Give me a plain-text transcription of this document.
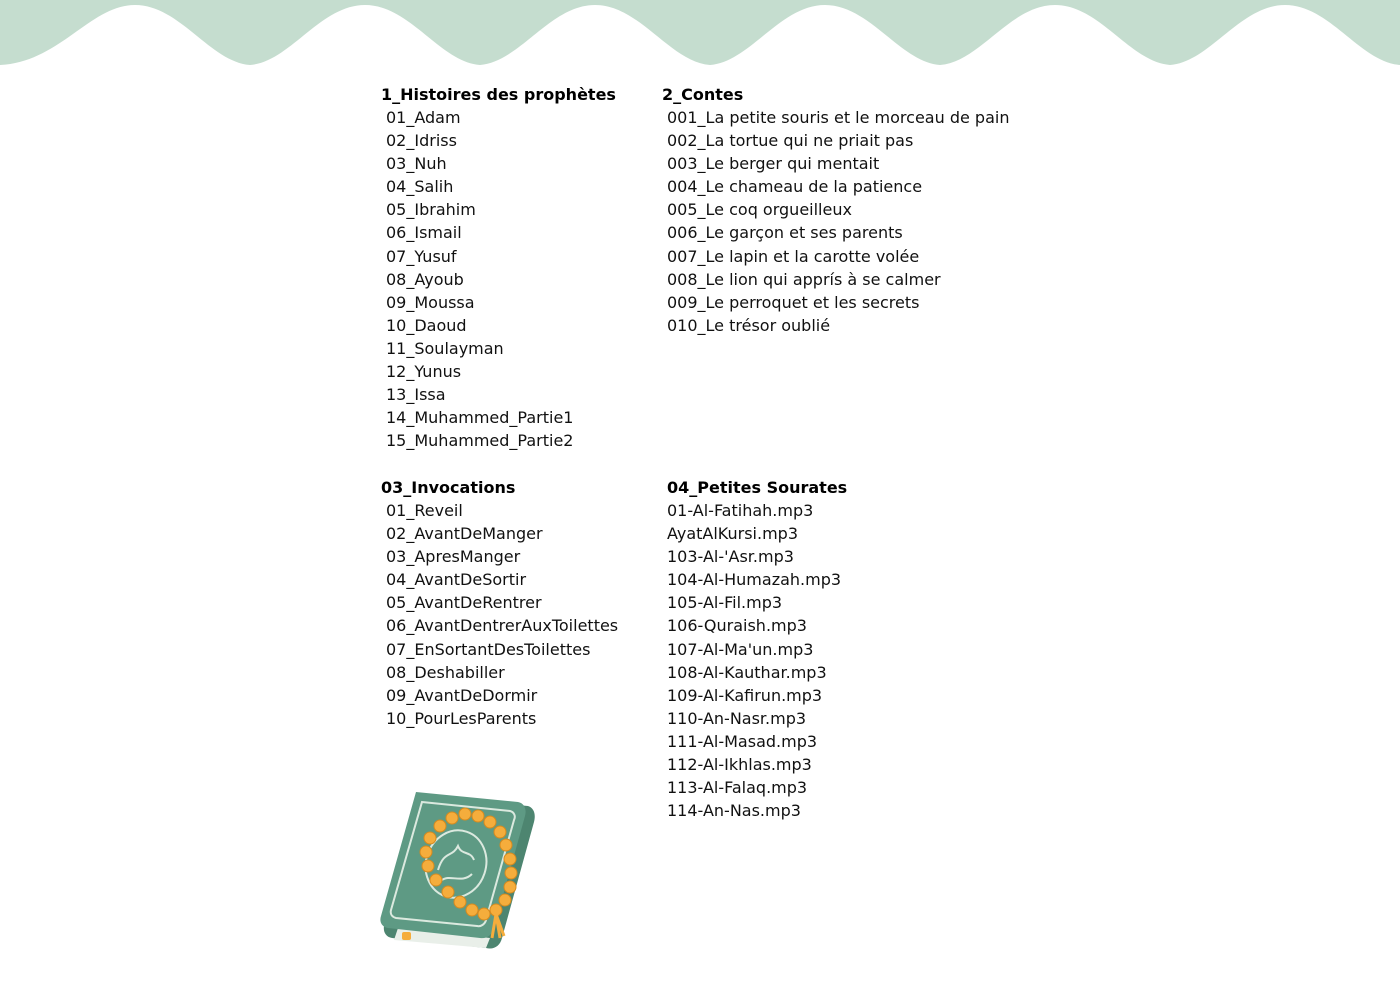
1_Histoires des prophètes
01_Adam
02_Idriss
03_Nuh
04_Salih
05_Ibrahim
06_Ismail
07_Yusuf
08_Ayoub
09_Moussa
10_Daoud
11_Soulayman
12_Yunus
13_Issa
14_Muhammed_Partie1
15_Muhammed_Partie2
2_Contes
001_La petite souris et le morceau de pain
002_La tortue qui ne priait pas
003_Le berger qui mentait
004_Le chameau de la patience
005_Le coq orgueilleux
006_Le garçon et ses parents
007_Le lapin et la carotte volée
008_Le lion qui apprís à se calmer
009_Le perroquet et les secrets
010_Le trésor oublié
03_Invocations
01_Reveil
02_AvantDeManger
03_ApresManger
04_AvantDeSortir
05_AvantDeRentrer
06_AvantDentrerAuxToilettes
07_EnSortantDesToilettes
08_Deshabiller
09_AvantDeDormir
10_PourLesParents
04_Petites Sourates
01-Al-Fatihah.mp3
AyatAlKursi.mp3
103-Al-'Asr.mp3
104-Al-Humazah.mp3
105-Al-Fil.mp3
106-Quraish.mp3
107-Al-Ma'un.mp3
108-Al-Kauthar.mp3
109-Al-Kafirun.mp3
110-An-Nasr.mp3
111-Al-Masad.mp3
112-Al-Ikhlas.mp3
113-Al-Falaq.mp3
114-An-Nas.mp3
